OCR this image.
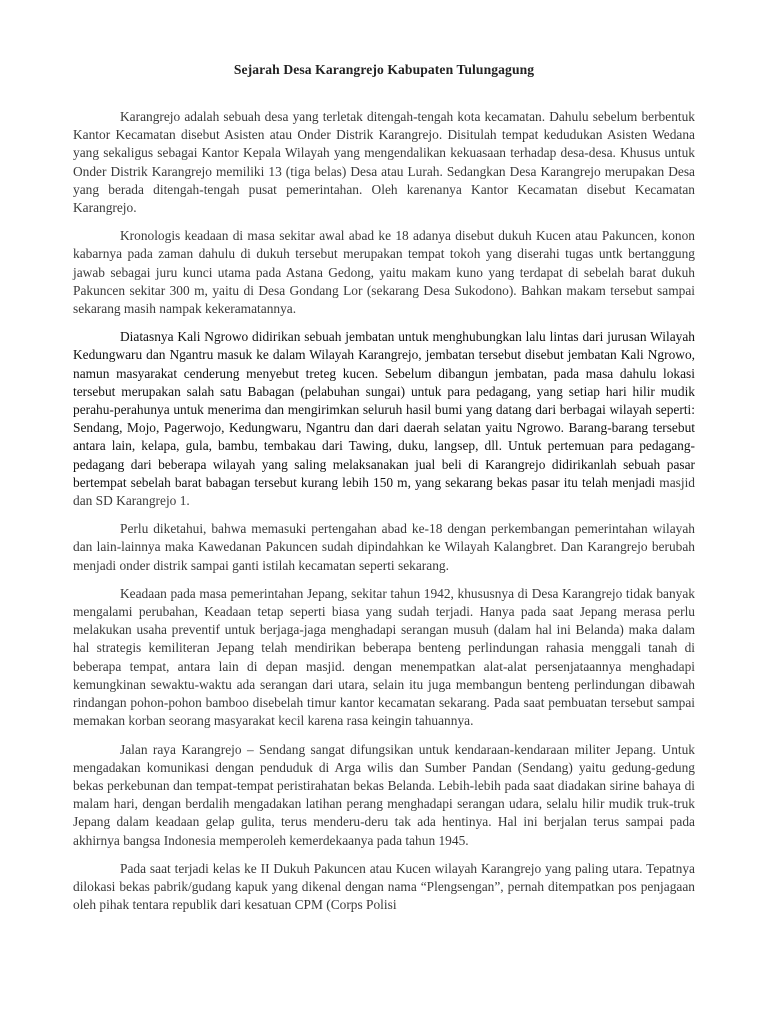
Sejarah Desa Karangrejo Kabupaten Tulungagung

Karangrejo adalah sebuah desa yang terletak ditengah-tengah kota kecamatan. Dahulu sebelum berbentuk Kantor Kecamatan disebut Asisten atau Onder Distrik Karangrejo. Disitulah tempat kedudukan Asisten Wedana yang sekaligus sebagai Kantor Kepala Wilayah yang mengendalikan kekuasaan terhadap desa-desa. Khusus untuk Onder Distrik Karangrejo memiliki 13 (tiga belas) Desa atau Lurah. Sedangkan Desa Karangrejo merupakan Desa yang berada ditengah-tengah pusat pemerintahan. Oleh karenanya Kantor Kecamatan disebut Kecamatan Karangrejo.

Kronologis keadaan di masa sekitar awal abad ke 18 adanya disebut dukuh Kucen atau Pakuncen, konon kabarnya pada zaman dahulu di dukuh tersebut merupakan tempat tokoh yang diserahi tugas untk bertanggung jawab sebagai juru kunci utama pada Astana Gedong, yaitu makam kuno yang terdapat di sebelah barat dukuh Pakuncen sekitar 300 m, yaitu di Desa Gondang Lor (sekarang Desa Sukodono). Bahkan makam tersebut sampai sekarang masih nampak kekeramatannya.

Diatasnya Kali Ngrowo didirikan sebuah jembatan untuk menghubungkan lalu lintas dari jurusan Wilayah Kedungwaru dan Ngantru masuk ke dalam Wilayah Karangrejo, jembatan tersebut disebut jembatan Kali Ngrowo, namun masyarakat cenderung menyebut treteg kucen. Sebelum dibangun jembatan, pada masa dahulu lokasi tersebut merupakan salah satu Babagan (pelabuhan sungai) untuk para pedagang, yang setiap hari hilir mudik perahu-perahunya untuk menerima dan mengirimkan seluruh hasil bumi yang datang dari berbagai wilayah seperti: Sendang, Mojo, Pagerwojo, Kedungwaru, Ngantru dan dari daerah selatan yaitu Ngrowo. Barang-barang tersebut antara lain, kelapa, gula, bambu, tembakau dari Tawing, duku, langsep, dll. Untuk pertemuan para pedagang-pedagang dari beberapa wilayah yang saling melaksanakan jual beli di Karangrejo didirikanlah sebuah pasar bertempat sebelah barat babagan tersebut kurang lebih 150 m, yang sekarang bekas pasar itu telah menjadi masjid dan SD Karangrejo 1.

Perlu diketahui, bahwa memasuki pertengahan abad ke-18 dengan perkembangan pemerintahan wilayah dan lain-lainnya maka Kawedanan Pakuncen sudah dipindahkan ke Wilayah Kalangbret. Dan Karangrejo berubah menjadi onder distrik sampai ganti istilah kecamatan seperti sekarang.

Keadaan pada masa pemerintahan Jepang, sekitar tahun 1942, khususnya di Desa Karangrejo tidak banyak mengalami perubahan, Keadaan tetap seperti biasa yang sudah terjadi. Hanya pada saat Jepang merasa perlu melakukan usaha preventif untuk berjaga-jaga menghadapi serangan musuh (dalam hal ini Belanda) maka dalam hal strategis kemiliteran Jepang telah mendirikan beberapa benteng perlindungan rahasia menggali tanah di beberapa tempat, antara lain di depan masjid. dengan menempatkan alat-alat persenjataannya menghadapi kemungkinan sewaktu-waktu ada serangan dari utara, selain itu juga membangun benteng perlindungan dibawah rindangan pohon-pohon bamboo disebelah timur kantor kecamatan sekarang. Pada saat pembuatan tersebut sampai memakan korban seorang masyarakat kecil karena rasa keingin tahuannya.

Jalan raya Karangrejo – Sendang sangat difungsikan untuk kendaraan-kendaraan militer Jepang. Untuk mengadakan komunikasi dengan penduduk di Arga wilis dan Sumber Pandan (Sendang) yaitu gedung-gedung bekas perkebunan dan tempat-tempat peristirahatan bekas Belanda. Lebih-lebih pada saat diadakan sirine bahaya di malam hari, dengan berdalih mengadakan latihan perang menghadapi serangan udara, selalu hilir mudik truk-truk Jepang dalam keadaan gelap gulita, terus menderu-deru tak ada hentinya. Hal ini berjalan terus sampai pada akhirnya bangsa Indonesia memperoleh kemerdekaanya pada tahun 1945.

Pada saat terjadi kelas ke II Dukuh Pakuncen atau Kucen wilayah Karangrejo yang paling utara. Tepatnya dilokasi bekas pabrik/gudang kapuk yang dikenal dengan nama “Plengsengan”, pernah ditempatkan pos penjagaan oleh pihak tentara republik dari kesatuan CPM (Corps Polisi
